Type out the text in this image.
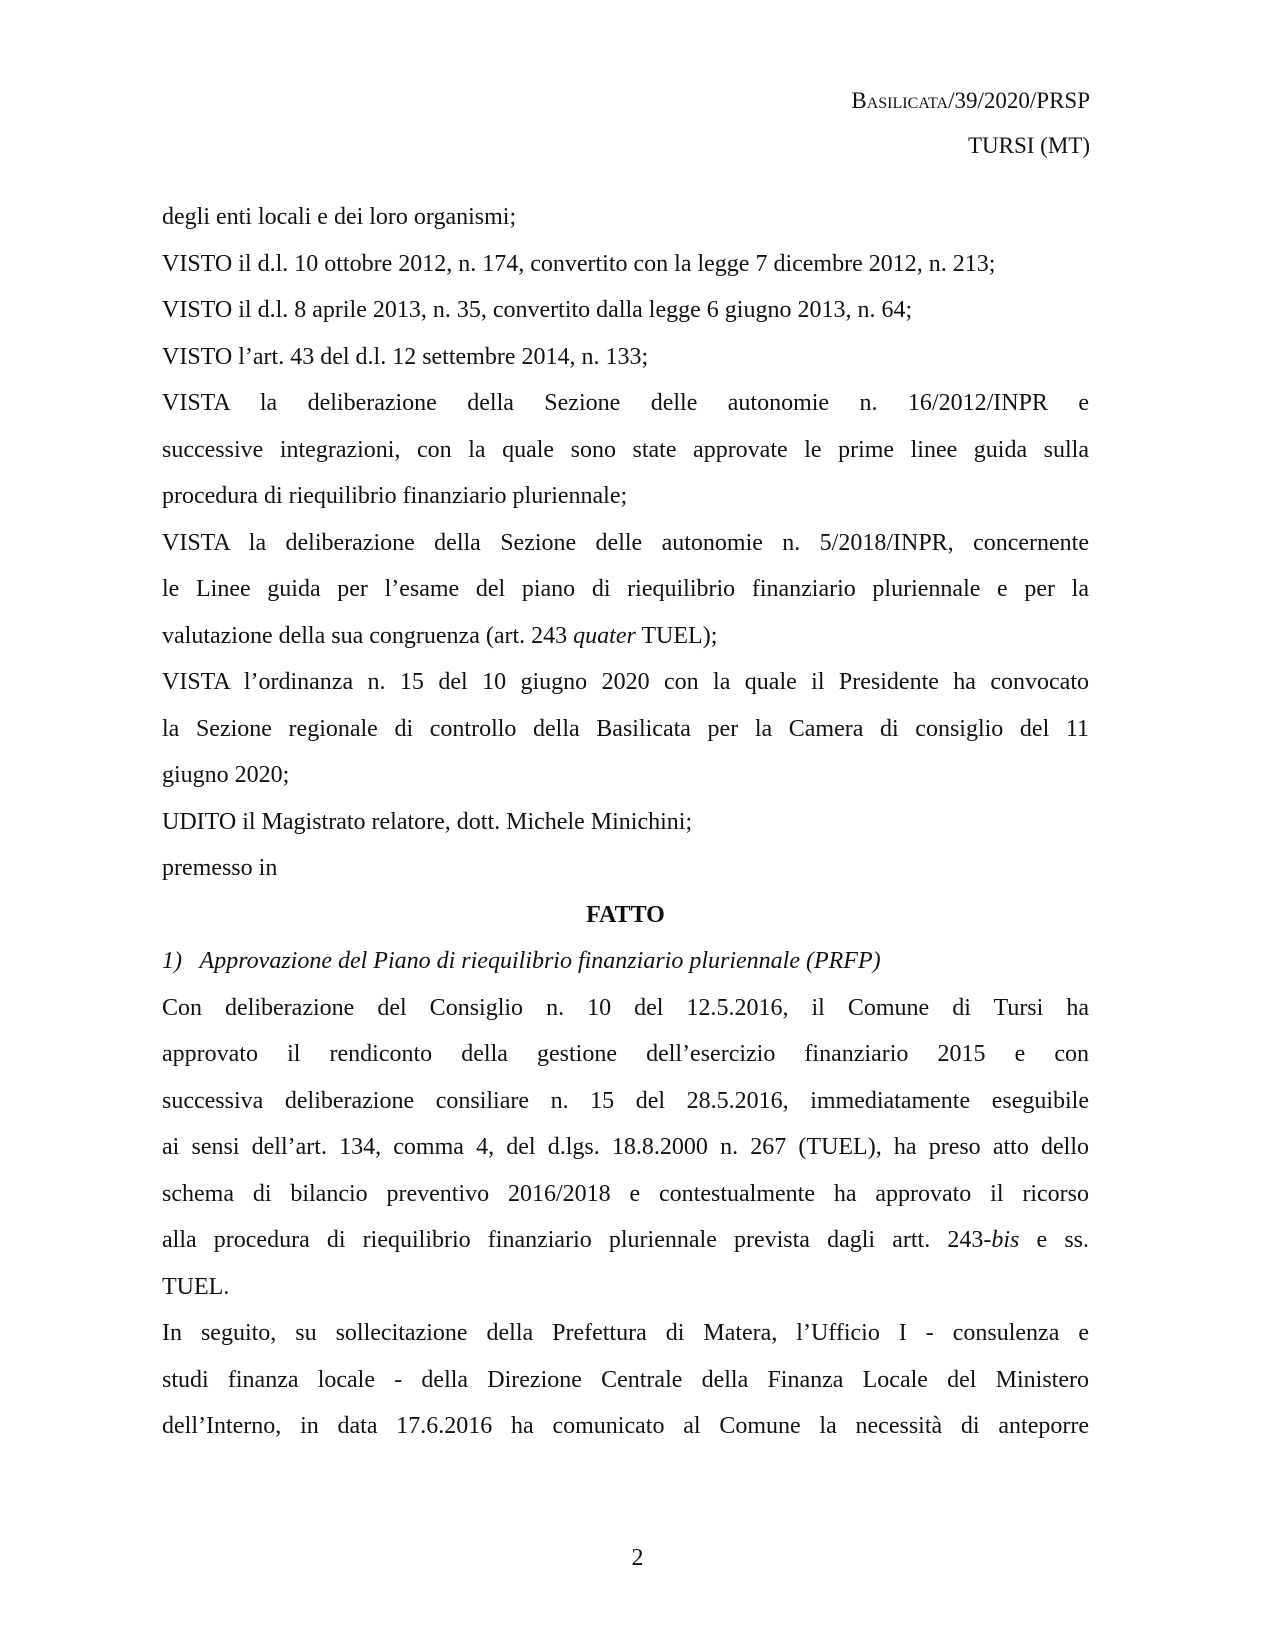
Basilicata/39/2020/PRSP
TURSI (MT)
degli enti locali e dei loro organismi;
VISTO il d.l. 10 ottobre 2012, n. 174, convertito con la legge 7 dicembre 2012, n. 213;
VISTO il d.l. 8 aprile 2013, n. 35, convertito dalla legge 6 giugno 2013, n. 64;
VISTO l’art. 43 del d.l. 12 settembre 2014, n. 133;
VISTA la deliberazione della Sezione delle autonomie n. 16/2012/INPR e
successive integrazioni, con la quale sono state approvate le prime linee guida sulla
procedura di riequilibrio finanziario pluriennale;
VISTA la deliberazione della Sezione delle autonomie n. 5/2018/INPR, concernente
le Linee guida per l’esame del piano di riequilibrio finanziario pluriennale e per la
valutazione della sua congruenza (art. 243 quater TUEL);
VISTA l’ordinanza n. 15 del 10 giugno 2020 con la quale il Presidente ha convocato
la Sezione regionale di controllo della Basilicata per la Camera di consiglio del 11
giugno 2020;
UDITO il Magistrato relatore, dott. Michele Minichini;
premesso in
FATTO
1)   Approvazione del Piano di riequilibrio finanziario pluriennale (PRFP)
Con deliberazione del Consiglio n. 10 del 12.5.2016, il Comune di Tursi ha
approvato il rendiconto della gestione dell’esercizio finanziario 2015 e con
successiva deliberazione consiliare n. 15 del 28.5.2016, immediatamente eseguibile
ai sensi dell’art. 134, comma 4, del d.lgs. 18.8.2000 n. 267 (TUEL), ha preso atto dello
schema di bilancio preventivo 2016/2018 e contestualmente ha approvato il ricorso
alla procedura di riequilibrio finanziario pluriennale prevista dagli artt. 243-bis e ss.
TUEL.
In seguito, su sollecitazione della Prefettura di Matera, l’Ufficio I - consulenza e
studi finanza locale - della Direzione Centrale della Finanza Locale del Ministero
dell’Interno, in data 17.6.2016 ha comunicato al Comune la necessità di anteporre
2
